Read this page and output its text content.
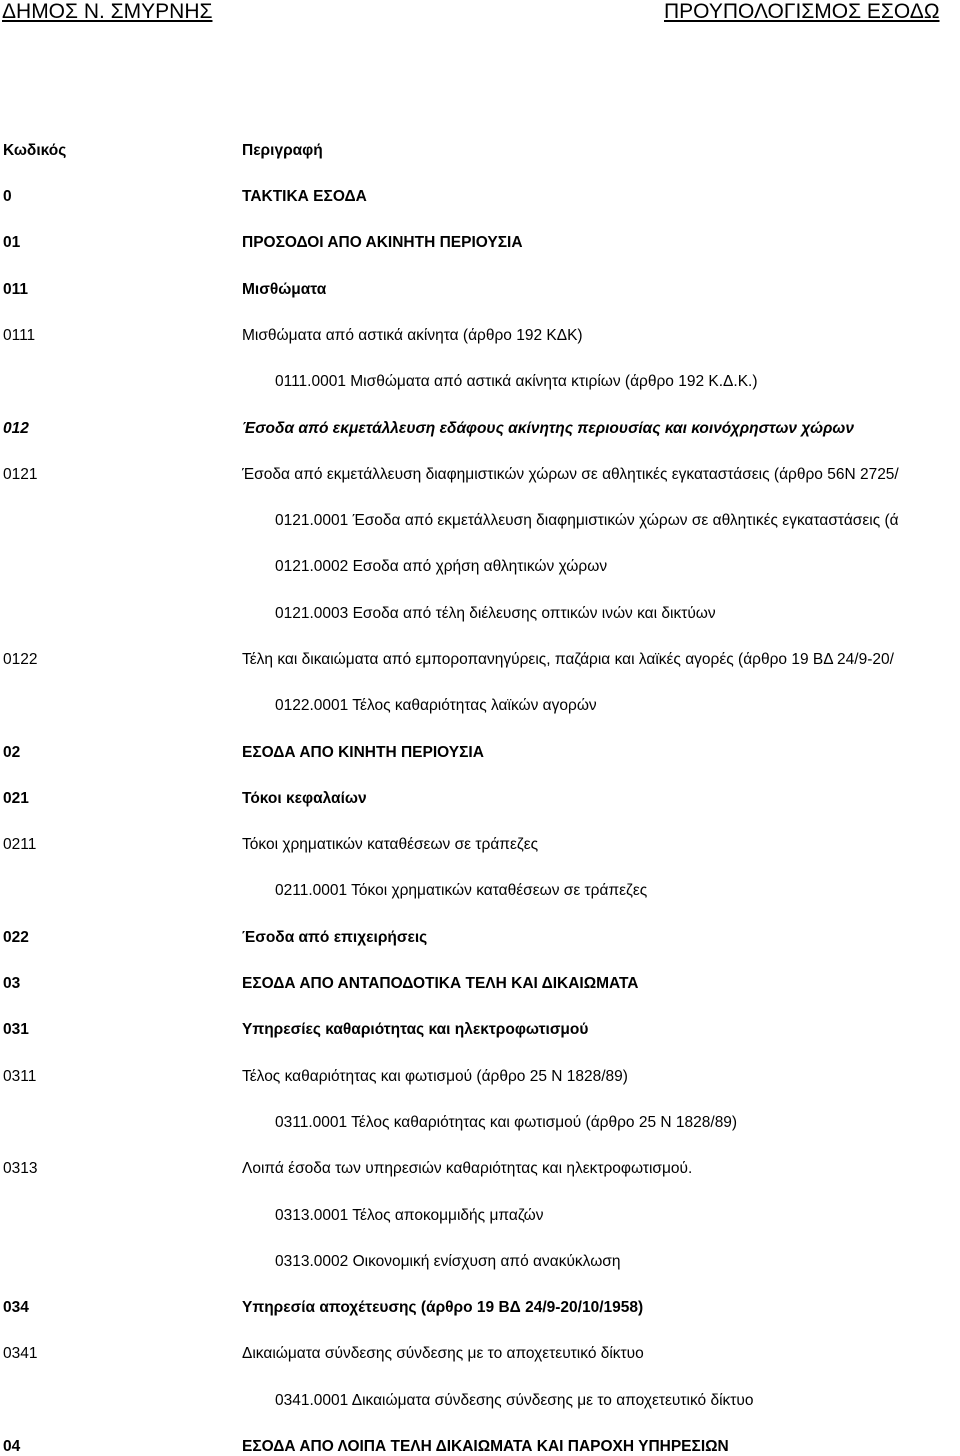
ΔΗΜΟΣ Ν. ΣΜΥΡΝΗΣ	ΠΡΟΥΠΟΛΟΓΙΣΜΟΣ ΕΣΟΔΩ
Κωδικός	Περιγραφή
0	ΤΑΚΤΙΚΑ ΕΣΟΔΑ
01	ΠΡΟΣΟΔΟΙ ΑΠΟ ΑΚΙΝΗΤΗ ΠΕΡΙΟΥΣΙΑ
011	Μισθώματα
0111	Μισθώματα από αστικά ακίνητα (άρθρο 192 ΚΔΚ)
0111.0001 Μισθώματα από αστικά ακίνητα κτιρίων (άρθρο 192 Κ.Δ.Κ.)
012	Έσοδα από εκμετάλλευση εδάφους ακίνητης περιουσίας και κοινόχρηστων χώρων
0121	Έσοδα από εκμετάλλευση διαφημιστικών χώρων σε αθλητικές εγκαταστάσεις (άρθρο 56Ν 2725/
0121.0001 Έσοδα από εκμετάλλευση διαφημιστικών χώρων σε αθλητικές εγκαταστάσεις (ά
0121.0002 Εσοδα από χρήση αθλητικών χώρων
0121.0003 Εσοδα από τέλη διέλευσης οπτικών ινών και δικτύων
0122	Τέλη και δικαιώματα από εμποροπανηγύρεις, παζάρια και λαϊκές αγορές (άρθρο 19 ΒΔ 24/9-20/
0122.0001 Τέλος καθαριότητας λαϊκών αγορών
02	ΕΣΟΔΑ ΑΠΟ ΚΙΝΗΤΗ ΠΕΡΙΟΥΣΙΑ
021	Τόκοι κεφαλαίων
0211	Τόκοι χρηματικών καταθέσεων σε τράπεζες
0211.0001 Τόκοι χρηματικών καταθέσεων σε τράπεζες
022	Έσοδα από επιχειρήσεις
03	ΕΣΟΔΑ ΑΠΟ ΑΝΤΑΠΟΔΟΤΙΚΑ ΤΕΛΗ ΚΑΙ ΔΙΚΑΙΩΜΑΤΑ
031	Υπηρεσίες καθαριότητας και ηλεκτροφωτισμού
0311	Τέλος καθαριότητας και φωτισμού (άρθρο 25 Ν 1828/89)
0311.0001 Τέλος καθαριότητας και φωτισμού (άρθρο 25 Ν 1828/89)
0313	Λοιπά έσοδα των υπηρεσιών καθαριότητας και ηλεκτροφωτισμού.
0313.0001 Τέλος αποκομμιδής μπαζών
0313.0002 Οικονομική ενίσχυση από ανακύκλωση
034	Υπηρεσία αποχέτευσης (άρθρο 19 ΒΔ 24/9-20/10/1958)
0341	Δικαιώματα σύνδεσης σύνδεσης με το αποχετευτικό δίκτυο
0341.0001 Δικαιώματα σύνδεσης σύνδεσης με το αποχετευτικό δίκτυο
04	ΕΣΟΔΑ ΑΠΟ ΛΟΙΠΑ ΤΕΛΗ ΔΙΚΑΙΩΜΑΤΑ ΚΑΙ ΠΑΡΟΧΗ ΥΠΗΡΕΣΙΩΝ
